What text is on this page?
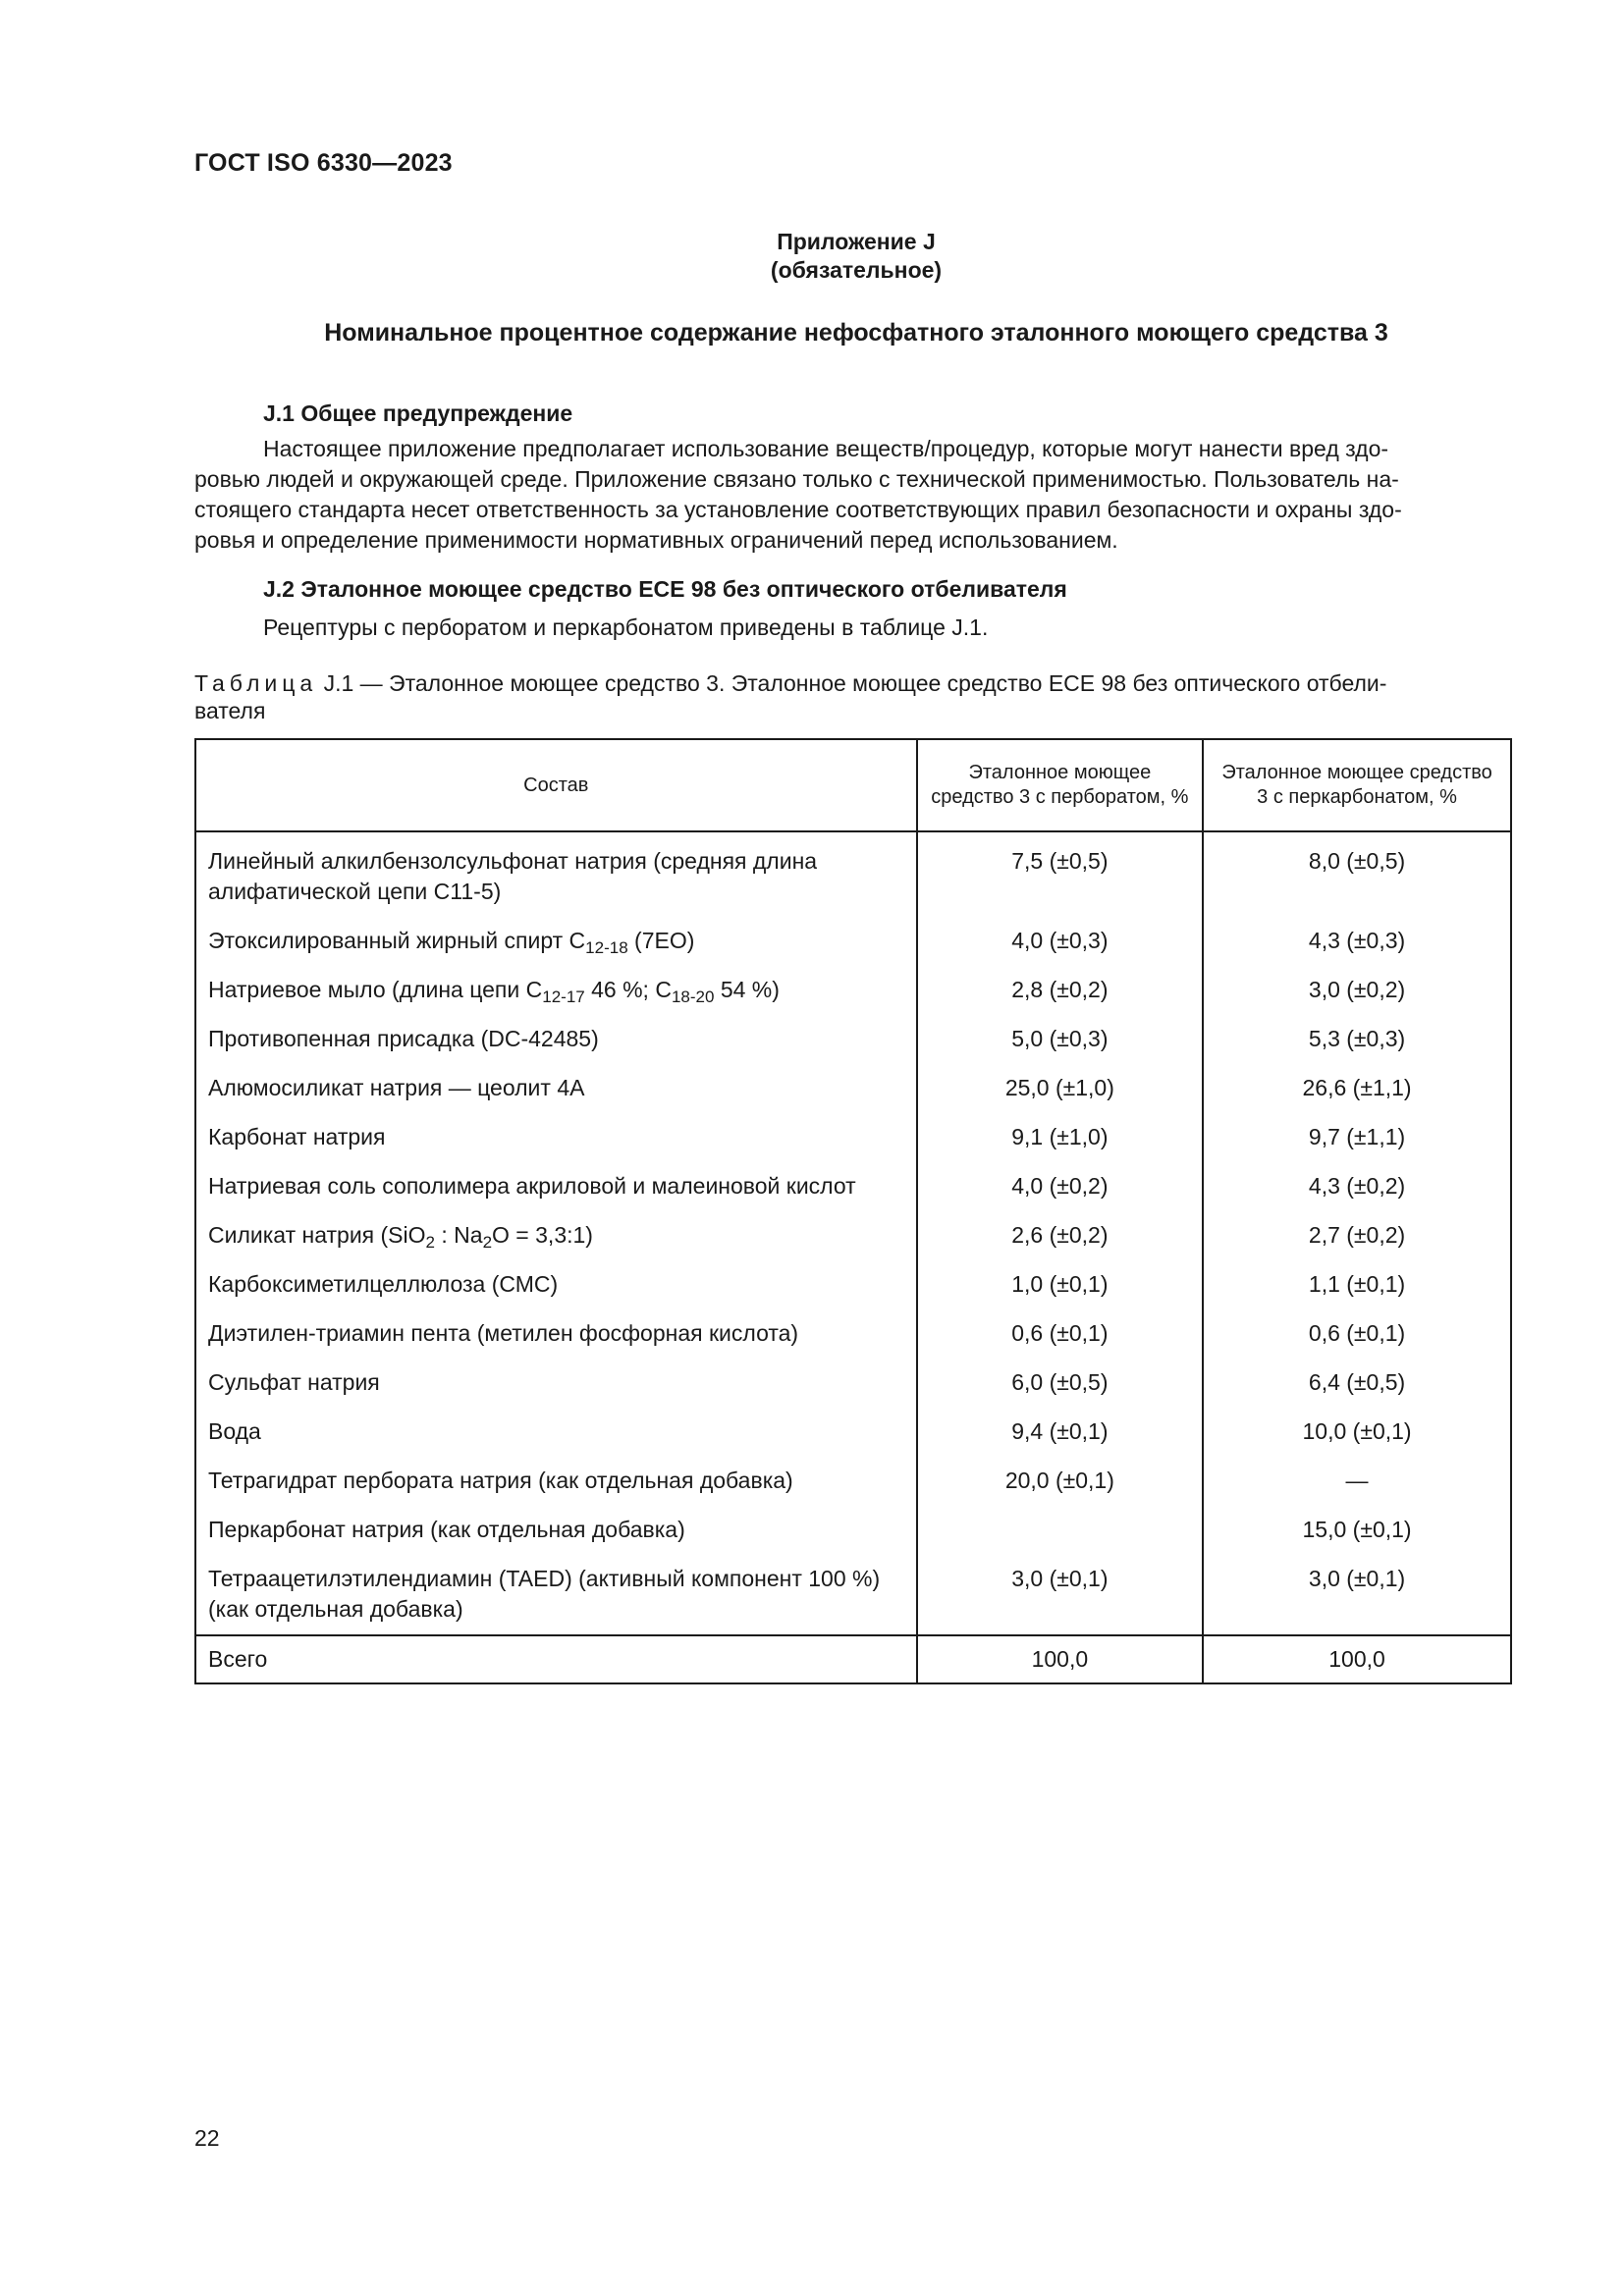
ГОСТ ISO 6330—2023
Приложение J
(обязательное)
Номинальное процентное содержание нефосфатного эталонного моющего средства 3
J.1 Общее предупреждение
Настоящее приложение предполагает использование веществ/процедур, которые могут нанести вред здо-
ровью людей и окружающей среде. Приложение связано только с технической применимостью. Пользователь на-
стоящего стандарта несет ответственность за установление соответствующих правил безопасности и охраны здо-
ровья и определение применимости нормативных ограничений перед использованием.
J.2 Эталонное моющее средство ECE 98 без оптического отбеливателя
Рецептуры с перборатом и перкарбонатом приведены в таблице J.1.
Таблица J.1 — Эталонное моющее средство 3. Эталонное моющее средство ECE 98 без оптического отбели-
вателя
Состав	Эталонное моющее средство 3 с перборатом, %	Эталонное моющее средство 3 с перкарбонатом, %
Линейный алкилбензолсульфонат натрия (средняя длина алифатической цепи С11-5)	7,5 (±0,5)	8,0 (±0,5)
Этоксилированный жирный спирт $C_{12-18}$ (7ЕО)	4,0 (±0,3)	4,3 (±0,3)
Натриевое мыло (длина цепи $C_{12-17}$ 46 %; $C_{18-20}$ 54 %)	2,8 (±0,2)	3,0 (±0,2)
Противопенная присадка (DC-42485)	5,0 (±0,3)	5,3 (±0,3)
Алюмосиликат натрия — цеолит 4А	25,0 (±1,0)	26,6 (±1,1)
Карбонат натрия	9,1 (±1,0)	9,7 (±1,1)
Натриевая соль сополимера акриловой и малеиновой кислот	4,0 (±0,2)	4,3 (±0,2)
Силикат натрия (SiO$_2$ : $Na_2O$ = 3,3:1)	2,6 (±0,2)	2,7 (±0,2)
Карбоксиметилцеллюлоза (СМС)	1,0 (±0,1)	1,1 (±0,1)
Диэтилен-триамин пента (метилен фосфорная кислота)	0,6 (±0,1)	0,6 (±0,1)
Сульфат натрия	6,0 (±0,5)	6,4 (±0,5)
Вода	9,4 (±0,1)	10,0 (±0,1)
Тетрагидрат пербората натрия (как отдельная добавка)	20,0 (±0,1)	—
Перкарбонат натрия (как отдельная добавка)		15,0 (±0,1)
Тетраацетилэтилендиамин (TAED) (активный компонент 100 %) (как отдельная добавка)	3,0 (±0,1)	3,0 (±0,1)
Всего	100,0	100,0
22
